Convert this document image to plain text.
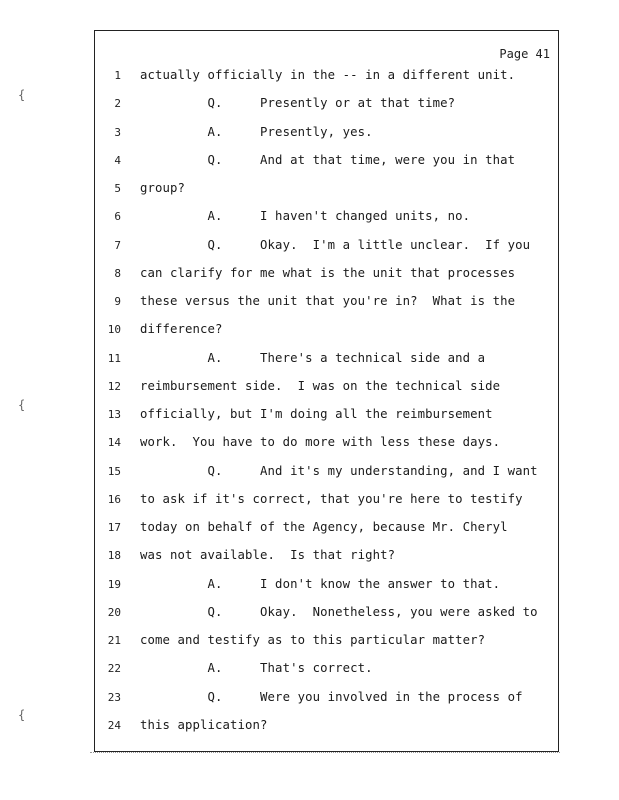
Page 41
1 actually officially in the -- in a different unit.
2 Q.     Presently or at that time?
3 A.     Presently, yes.
4 Q.     And at that time, were you in that
5 group?
6 A.     I haven't changed units, no.
7 Q.     Okay.  I'm a little unclear.  If you
8 can clarify for me what is the unit that processes
9 these versus the unit that you're in?  What is the
10 difference?
11 A.     There's a technical side and a
12 reimbursement side.  I was on the technical side
13 officially, but I'm doing all the reimbursement
14 work.  You have to do more with less these days.
15 Q.     And it's my understanding, and I want
16 to ask if it's correct, that you're here to testify
17 today on behalf of the Agency, because Mr. Cheryl
18 was not available.  Is that right?
19 A.     I don't know the answer to that.
20 Q.     Okay.  Nonetheless, you were asked to
21 come and testify as to this particular matter?
22 A.     That's correct.
23 Q.     Were you involved in the process of
24 this application?
{
{
{
